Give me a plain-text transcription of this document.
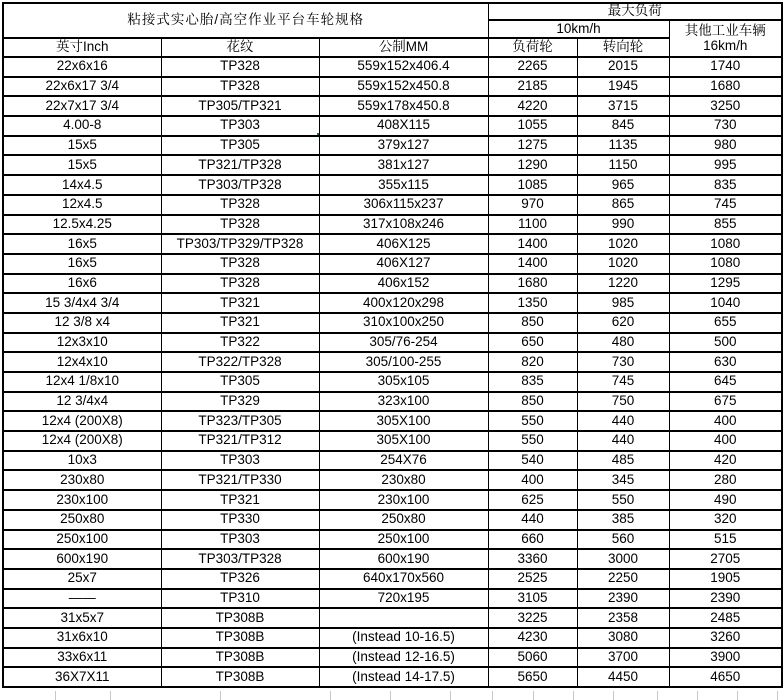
粘接式实心胎/高空作业平台车轮规格			最大负荷		
			10km/h		其他工业车辆
16km/h
英寸Inch	花纹	公制MM	负荷轮	转向轮	
22x6x16	TP328	559x152x406.4	2265	2015	1740
22x6x17 3/4	TP328	559x152x450.8	2185	1945	1680
22x7x17 3/4	TP305/TP321	559x178x450.8	4220	3715	3250
4.00-8	TP303	408X115	1055	845	730
15x5	TP305	379x127	1275	1135	980
15x5	TP321/TP328	381x127	1290	1150	995
14x4.5	TP303/TP328	355x115	1085	965	835
12x4.5	TP328	306x115x237	970	865	745
12.5x4.25	TP328	317x108x246	1100	990	855
16x5	TP303/TP329/TP328	406X125	1400	1020	1080
16x5	TP328	406X127	1400	1020	1080
16x6	TP328	406x152	1680	1220	1295
15 3/4x4 3/4	TP321	400x120x298	1350	985	1040
12 3/8 x4	TP321	310x100x250	850	620	655
12x3x10	TP322	305/76-254	650	480	500
12x4x10	TP322/TP328	305/100-255	820	730	630
12x4 1/8x10	TP305	305x105	835	745	645
12 3/4x4	TP329	323x100	850	750	675
12x4 (200X8)	TP323/TP305	305X100	550	440	400
12x4 (200X8)	TP321/TP312	305X100	550	440	400
10x3	TP303	254X76	540	485	420
230x80	TP321/TP330	230x80	400	345	280
230x100	TP321	230x100	625	550	490
250x80	TP330	250x80	440	385	320
250x100	TP303	250x100	660	560	515
600x190	TP303/TP328	600x190	3360	3000	2705
25x7	TP326	640x170x560	2525	2250	1905
——	TP310	720x195	3105	2390	2390
31x5x7	TP308B		3225	2358	2485
31x6x10	TP308B	(Instead 10-16.5)	4230	3080	3260
33x6x11	TP308B	(Instead 12-16.5)	5060	3700	3900
36X7X11	TP308B	(Instead 14-17.5)	5650	4450	4650
